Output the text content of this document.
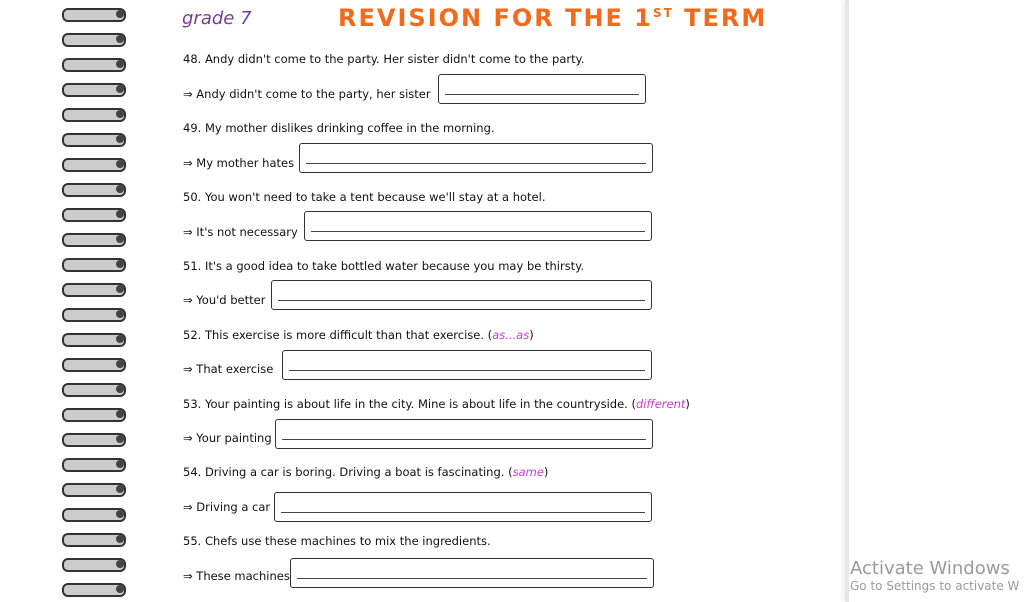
grade 7	REVISION FOR THE 1ST TERM
48. Andy didn't come to the party. Her sister didn't come to the party.
⇒ Andy didn't come to the party, her sister
49. My mother dislikes drinking coffee in the morning.
⇒ My mother hates
50. You won't need to take a tent because we'll stay at a hotel.
⇒ It's not necessary
51. It's a good idea to take bottled water because you may be thirsty.
⇒ You'd better
52. This exercise is more difficult than that exercise. (as...as)
⇒ That exercise
53. Your painting is about life in the city. Mine is about life in the countryside. (different)
⇒ Your painting
54. Driving a car is boring. Driving a boat is fascinating. (same)
⇒ Driving a car
55. Chefs use these machines to mix the ingredients.
⇒ These machines	Activate Windows
Go to Settings to activate W
